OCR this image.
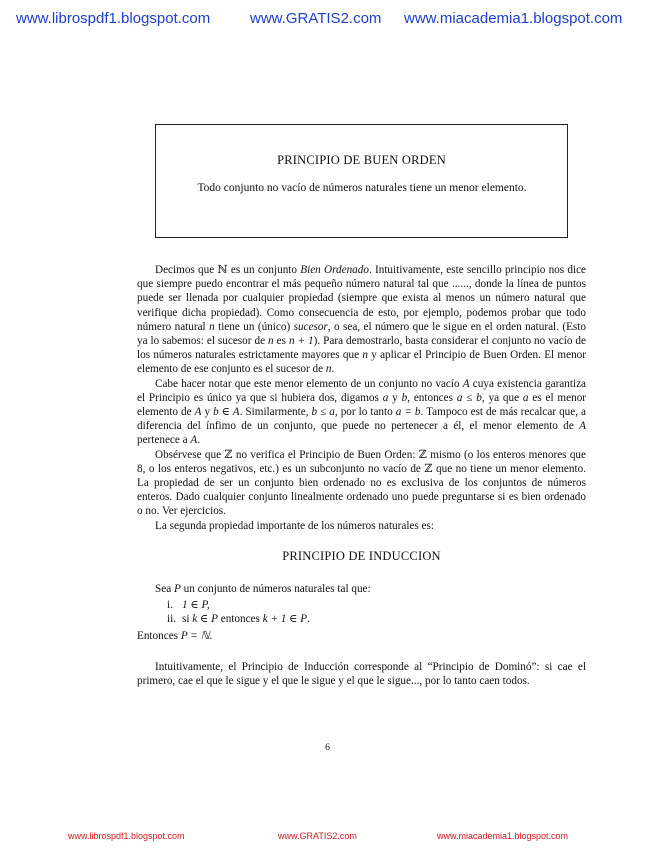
www.librospdf1.blogspot.com	www.GRATIS2.com www.miacademia1.blogspot.com
PRINCIPIO DE BUEN ORDEN
Todo conjunto no vacío de números naturales tiene un menor elemento.

Decimos que ℕ es un conjunto Bien Ordenado. Intuitivamente, este sencillo principio nos dice que siempre puedo encontrar el más pequeño número natural tal que ......, donde la línea de puntos puede ser llenada por cualquier propiedad (siempre que exista al menos un número natural que verifique dicha propiedad). Como consecuencia de esto, por ejemplo, podemos probar que todo número natural n tiene un (único) sucesor, o sea, el número que le sigue en el orden natural. (Esto ya lo sabemos: el sucesor de n es n + 1). Para demostrarlo, basta considerar el conjunto no vacío de los números naturales estrictamente mayores que n y aplicar el Principio de Buen Orden. El menor elemento de ese conjunto es el sucesor de n.

Cabe hacer notar que este menor elemento de un conjunto no vacío A cuya existencia garantiza el Principio es único ya que si hubiera dos, digamos a y b, entonces a ≤ b, ya que a es el menor elemento de A y b ∈ A. Similarmente, b ≤ a, por lo tanto a = b. Tampoco est de más recalcar que, a diferencia del ínfimo de un conjunto, que puede no pertenecer a él, el menor elemento de A pertenece a A.

Obsérvese que ℤ no verifica el Principio de Buen Orden: ℤ mismo (o los enteros menores que 8, o los enteros negativos, etc.) es un subconjunto no vacío de ℤ que no tiene un menor elemento. La propiedad de ser un conjunto bien ordenado no es exclusiva de los conjuntos de números enteros. Dado cualquier conjunto linealmente ordenado uno puede preguntarse si es bien ordenado o no. Ver ejercicios.

La segunda propiedad importante de los números naturales es:

PRINCIPIO DE INDUCCION

Sea P un conjunto de números naturales tal que:

i. 1 ∈ P,
ii. si k ∈ P entonces k + 1 ∈ P.

Entonces P = ℕ.

Intuitivamente, el Principio de Inducción corresponde al “Principio de Dominó”: si cae el primero, cae el que le sigue y el que le sigue y el que le sigue..., por lo tanto caen todos.

6
www.librospdf1.blogspot.com	www.GRATIS2.com	www.miacademia1.blogspot.com
